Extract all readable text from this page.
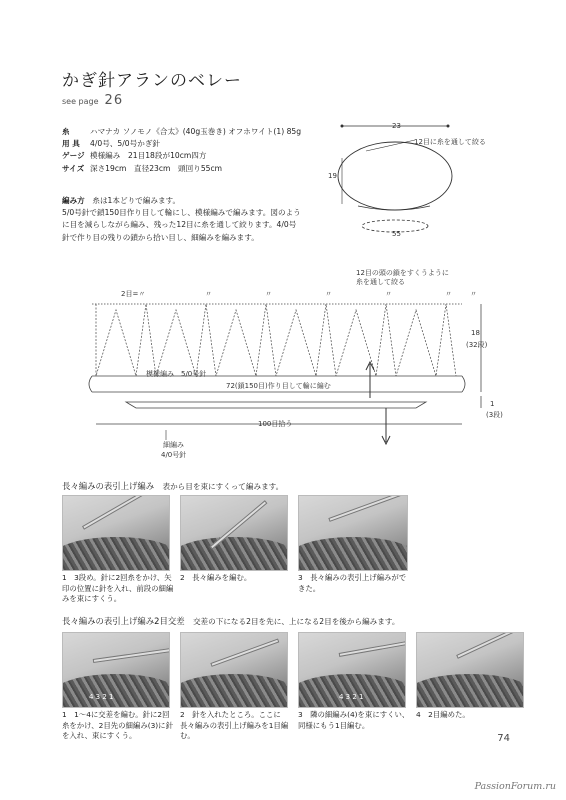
かぎ針アランのベレー
see page 26
糸	ハマナカ ソノモノ《合太》(40g玉巻き) オフホワイト(1) 85g
用 具	4/0号、5/0号かぎ針
ゲージ 模様編み　21目18段が10cm四方
サイズ 深さ19cm　直径23cm　頭回り55cm
編み方　 糸は1本どりで編みます。
5/0号針で鎖150目作り目して輪にし、模様編みで編みます。図のように目を減らしながら編み、残った12目に糸を通して絞ります。4/0号針で作り目の残りの鎖から拾い目し、細編みを編みます。
23
12目に糸を通して絞る
19
55
2目=〃	〃	〃	〃	〃	〃	〃
12目の頭の鎖をすくうように
糸を通して絞る
模様編み　5/0号針
72(鎖150目)作り目して輪に編む
100目拾う
18
(32段)
1
(3段)
細編み
4/0号針
長々編みの表引上げ編み　 表から目を束にすくって編みます。
1　 3段め。針に2回糸をかけ、矢印の位置に針を入れ、前段の細編みを束にすくう。
2　 長々編みを編む。	3　 長々編みの表引上げ編みができた。
長々編みの表引上げ編み2目交差　 交差の下になる2目を先に、上になる2目を後から編みます。
4 3 2 1	4 3 2 1
1　 1～4に交差を編む。針に2回糸をかけ、2目先の細編み(3)に針を入れ、束にすくう。
2　 針を入れたところ。ここに長々編みの表引上げ編みを1目編む。
3　 隣の細編み(4)を束にすくい、同様にもう1目編む。
4　 2目編めた。
74
PassionForum.ru
